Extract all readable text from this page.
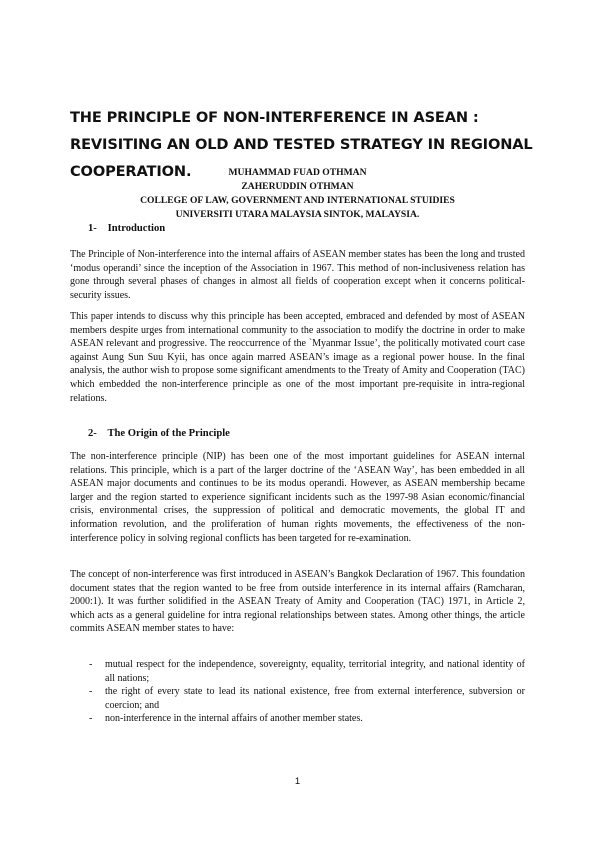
THE PRINCIPLE OF NON-INTERFERENCE IN ASEAN : REVISITING AN OLD AND TESTED STRATEGY IN REGIONAL COOPERATION.	MUHAMMAD FUAD OTHMAN
ZAHERUDDIN OTHMAN
COLLEGE OF LAW, GOVERNMENT AND INTERNATIONAL STUIDIES
UNIVERSITI UTARA MALAYSIA SINTOK, MALAYSIA.
1- Introduction

The Principle of Non-interference into the internal affairs of ASEAN member states has been the long and trusted ‘modus operandi’ since the inception of the Association in 1967. This method of non-inclusiveness relation has gone through several phases of changes in almost all fields of cooperation except when it concerns political-security issues.

This paper intends to discuss why this principle has been accepted, embraced and defended by most of ASEAN members despite urges from international community to the association to modify the doctrine in order to make ASEAN relevant and progressive. The reoccurrence of the `Myanmar Issue’, the politically motivated court case against Aung Sun Suu Kyii, has once again marred ASEAN’s image as a regional power house. In the final analysis, the author wish to propose some significant amendments to the Treaty of Amity and Cooperation (TAC) which embedded the non-interference principle as one of the most important pre-requisite in intra-regional relations.

2- The Origin of the Principle

The non-interference principle (NIP) has been one of the most important guidelines for ASEAN internal relations. This principle, which is a part of the larger doctrine of the ‘ASEAN Way’, has been embedded in all ASEAN major documents and continues to be its modus operandi. However, as ASEAN membership became larger and the region started to experience significant incidents such as the 1997-98 Asian economic/financial crisis, environmental crises, the suppression of political and democratic movements, the global IT and information revolution, and the proliferation of human rights movements, the effectiveness of the non-interference policy in solving regional conflicts has been targeted for re-examination.

The concept of non-interference was first introduced in ASEAN’s Bangkok Declaration of 1967. This foundation document states that the region wanted to be free from outside interference in its internal affairs (Ramcharan, 2000:1). It was further solidified in the ASEAN Treaty of Amity and Cooperation (TAC) 1971, in Article 2, which acts as a general guideline for intra regional relationships between states. Among other things, the article commits ASEAN member states to have:

- mutual respect for the independence, sovereignty, equality, territorial integrity, and national identity of all nations;
- the right of every state to lead its national existence, free from external interference, subversion or coercion; and
- non-interference in the internal affairs of another member states.
1
